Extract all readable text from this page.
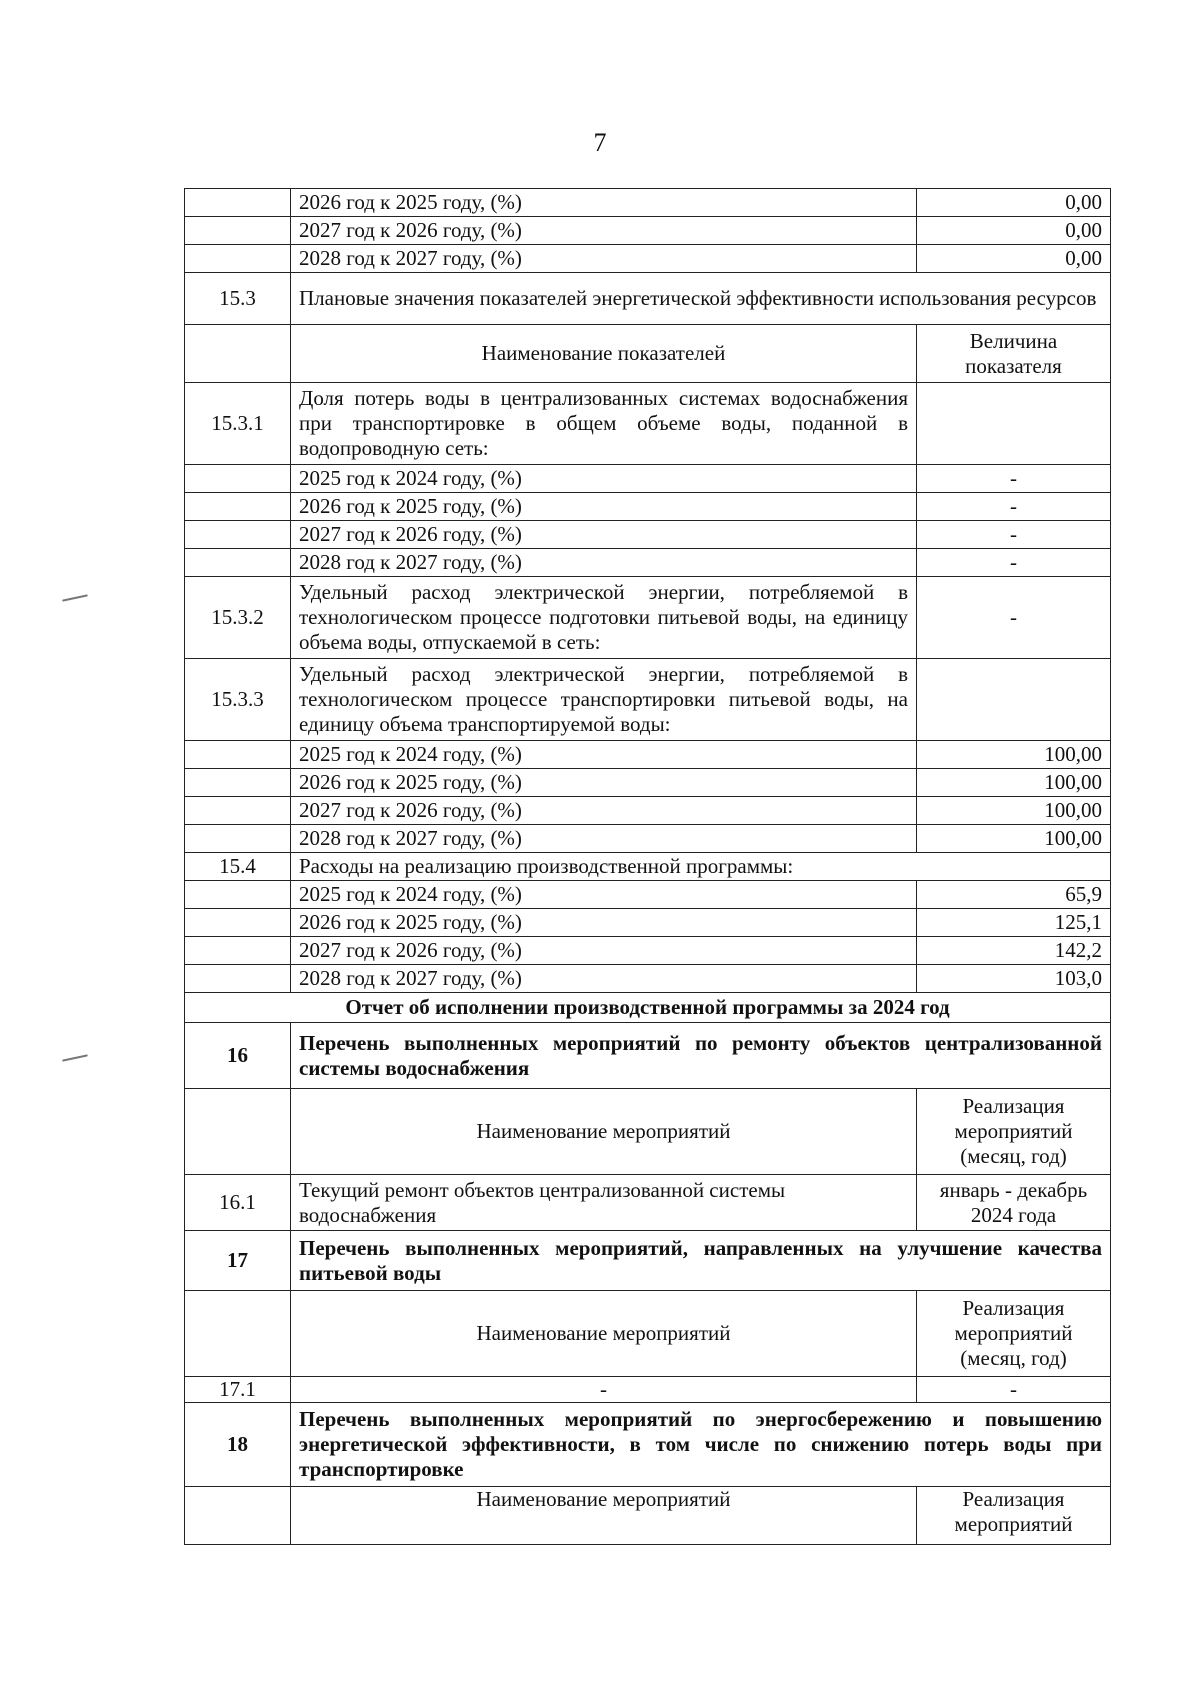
7
	2026 год к 2025 году, (%)	0,00
	2027 год к 2026 году, (%)	0,00
	2028 год к 2027 году, (%)	0,00
15.3	Плановые значения показателей энергетической эффективности использования ресурсов	
	Наименование показателей	Величина показателя
15.3.1	Доля потерь воды в централизованных системах водоснабжения при транспортировке в общем объеме воды, поданной в водопроводную сеть:	
	2025 год к 2024 году, (%)	-
	2026 год к 2025 году, (%)	-
	2027 год к 2026 году, (%)	-
	2028 год к 2027 году, (%)	-
15.3.2	Удельный расход электрической энергии, потребляемой в технологическом процессе подготовки питьевой воды, на единицу объема воды, отпускаемой в сеть:	-
15.3.3	Удельный расход электрической энергии, потребляемой в технологическом процессе транспортировки питьевой воды, на единицу объема транспортируемой воды:	
	2025 год к 2024 году, (%)	100,00
	2026 год к 2025 году, (%)	100,00
	2027 год к 2026 году, (%)	100,00
	2028 год к 2027 году, (%)	100,00
15.4	Расходы на реализацию производственной программы:	
	2025 год к 2024 году, (%)	65,9
	2026 год к 2025 году, (%)	125,1
	2027 год к 2026 году, (%)	142,2
	2028 год к 2027 году, (%)	103,0
Отчет об исполнении производственной программы за 2024 год		
16	Перечень выполненных мероприятий по ремонту объектов централизованной системы водоснабжения	
	Наименование мероприятий	Реализация мероприятий (месяц, год)
16.1	Текущий ремонт объектов централизованной системы водоснабжения	январь - декабрь 2024 года
17	Перечень выполненных мероприятий, направленных на улучшение качества питьевой воды	
	Наименование мероприятий	Реализация мероприятий (месяц, год)
17.1	-	-
18	Перечень выполненных мероприятий по энергосбережению и повышению энергетической эффективности, в том числе по снижению потерь воды при транспортировке	
	Наименование мероприятий	Реализация мероприятий
